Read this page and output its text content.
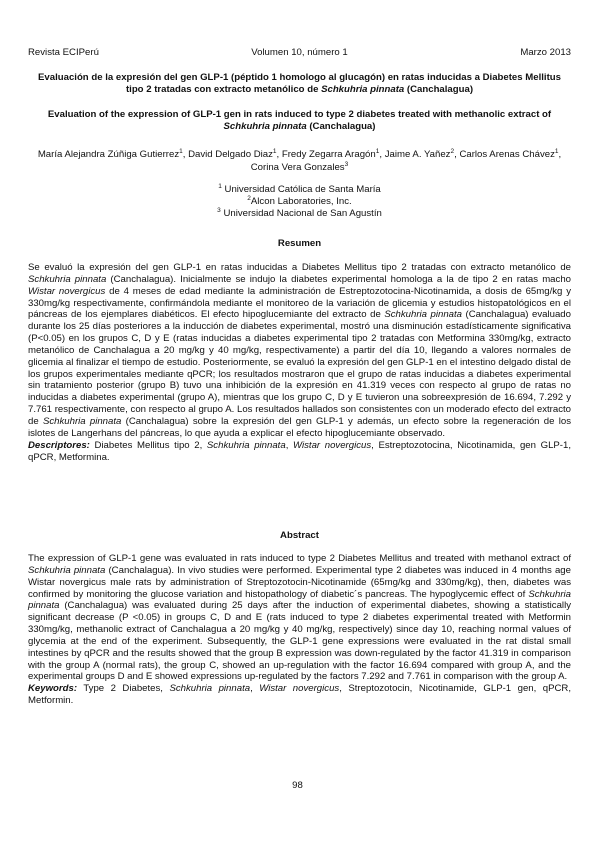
Revista ECIPerú	Volumen 10, número 1	Marzo 2013
Evaluación de la expresión del gen GLP-1 (péptido 1 homologo al glucagón) en ratas inducidas a Diabetes Mellitus tipo 2 tratadas con extracto metanólico de Schkuhria pinnata (Canchalagua)
Evaluation of the expression of GLP-1 gen in rats induced to type 2 diabetes treated with methanolic extract of Schkuhria pinnata (Canchalagua)
María Alejandra Zúñiga Gutierrez$^1$, David Delgado Diaz$^1$, Fredy Zegarra Aragón$^1$, Jaime A. Yañez$^2$, Carlos Arenas Chávez$^1$, Corina Vera Gonzales$^3$
$^1$ Universidad Católica de Santa María
$^2$Alcon Laboratories, Inc.
$^3$ Universidad Nacional de San Agustín
Resumen
Se evaluó la expresión del gen GLP-1 en ratas inducidas a Diabetes Mellitus tipo 2 tratadas con extracto metanólico de Schkuhria pinnata (Canchalagua). Inicialmente se indujo la diabetes experimental homologa a la de tipo 2 en ratas macho Wistar novergicus de 4 meses de edad mediante la administración de Estreptozotocina-Nicotinamida, a dosis de 65mg/kg y 330mg/kg respectivamente, confirmándola mediante el monitoreo de la variación de glicemia y estudios histopatológicos en el páncreas de los ejemplares diabéticos. El efecto hipoglucemiante del extracto de Schkuhria pinnata (Canchalagua) evaluado durante los 25 días posteriores a la inducción de diabetes experimental, mostró una disminución estadísticamente significativa (P<0.05) en los grupos C, D y E (ratas inducidas a diabetes experimental tipo 2 tratadas con Metformina 330mg/kg, extracto metanólico de Canchalagua a 20 mg/kg y 40 mg/kg, respectivamente) a partir del día 10, llegando a valores normales de glicemia al finalizar el tiempo de estudio. Posteriormente, se evaluó la expresión del gen GLP-1 en el intestino delgado distal de los grupos experimentales mediante qPCR; los resultados mostraron que el grupo de ratas inducidas a diabetes experimental sin tratamiento posterior (grupo B) tuvo una inhibición de la expresión en 41.319 veces con respecto al grupo de ratas no inducidas a diabetes experimental (grupo A), mientras que los grupo C, D y E tuvieron una sobreexpresión de 16.694, 7.292 y 7.761 respectivamente, con respecto al grupo A. Los resultados hallados son consistentes con un moderado efecto del extracto de Schkuhria pinnata (Canchalagua) sobre la expresión del gen GLP-1 y además, un efecto sobre la regeneración de los islotes de Langerhans del páncreas, lo que ayuda a explicar el efecto hipoglucemiante observado.
Descriptores: Diabetes Mellitus tipo 2, Schkuhria pinnata, Wistar novergicus, Estreptozotocina, Nicotinamida, gen GLP-1, qPCR, Metformina.
Abstract
The expression of GLP-1 gene was evaluated in rats induced to type 2 Diabetes Mellitus and treated with methanol extract of Schkuhria pinnata (Canchalagua). In vivo studies were performed. Experimental type 2 diabetes was induced in 4 months age Wistar novergicus male rats by administration of Streptozotocin-Nicotinamide (65mg/kg and 330mg/kg), then, diabetes was confirmed by monitoring the glucose variation and histopathology of diabetic´s pancreas. The hypoglycemic effect of Schkuhria pinnata (Canchalagua) was evaluated during 25 days after the induction of experimental diabetes, showing a statistically significant decrease (P <0.05) in groups C, D and E (rats induced to type 2 diabetes experimental treated with Metformin 330mg/kg, methanolic extract of Canchalagua a 20 mg/kg y 40 mg/kg, respectively) since day 10, reaching normal values of glycemia at the end of the experiment. Subsequently, the GLP-1 gene expressions were evaluated in the rat distal small intestines by qPCR and the results showed that the group B expression was down-regulated by the factor 41.319 in comparison with the group A (normal rats), the group C, showed an up-regulation with the factor 16.694 compared with group A, and the experimental groups D and E showed expressions up-regulated by the factors 7.292 and 7.761 in comparison with the group A.
Keywords: Type 2 Diabetes, Schkuhria pinnata, Wistar novergicus, Streptozotocin, Nicotinamide, GLP-1 gen, qPCR, Metformin.
98
